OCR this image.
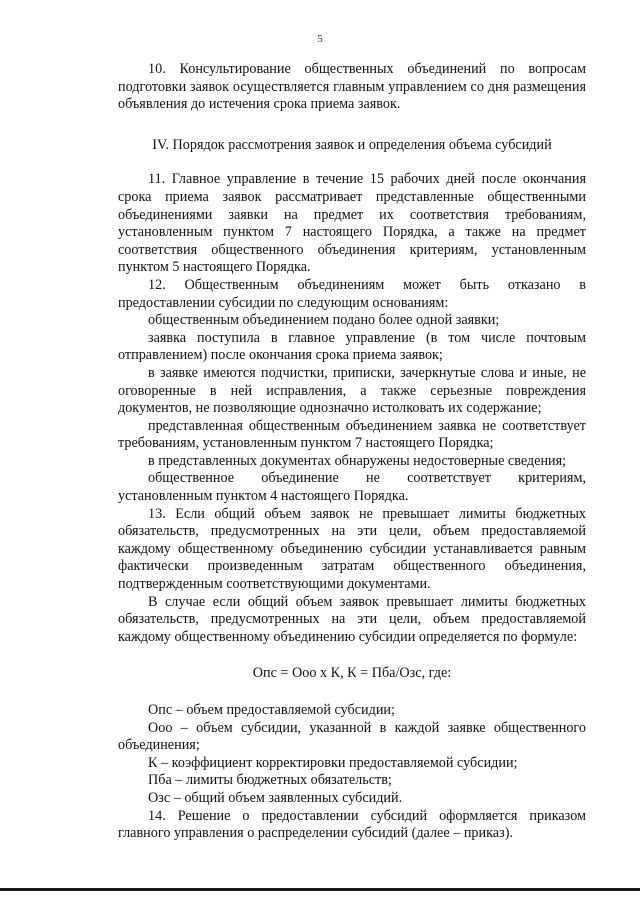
5

10. Консультирование общественных объединений по вопросам подготовки заявок осуществляется главным управлением со дня размещения объявления до истечения срока приема заявок.

IV. Порядок рассмотрения заявок и определения объема субсидий

11. Главное управление в течение 15 рабочих дней после окончания срока приема заявок рассматривает представленные общественными объединениями заявки на предмет их соответствия требованиям, установленным пунктом 7 настоящего Порядка, а также на предмет соответствия общественного объединения критериям, установленным пунктом 5 настоящего Порядка.

12. Общественным объединениям может быть отказано в предоставлении субсидии по следующим основаниям:

общественным объединением подано более одной заявки;

заявка поступила в главное управление (в том числе почтовым отправлением) после окончания срока приема заявок;

в заявке имеются подчистки, приписки, зачеркнутые слова и иные, не оговоренные в ней исправления, а также серьезные повреждения документов, не позволяющие однозначно истолковать их содержание;

представленная общественным объединением заявка не соответствует требованиям, установленным пунктом 7 настоящего Порядка;

в представленных документах обнаружены недостоверные сведения;

общественное объединение не соответствует критериям, установленным пунктом 4 настоящего Порядка.

13. Если общий объем заявок не превышает лимиты бюджетных обязательств, предусмотренных на эти цели, объем предоставляемой каждому общественному объединению субсидии устанавливается равным фактически произведенным затратам общественного объединения, подтвержденным соответствующими документами.

В случае если общий объем заявок превышает лимиты бюджетных обязательств, предусмотренных на эти цели, объем предоставляемой каждому общественному объединению субсидии определяется по формуле:

Опс = Ооо x К, К = Пба/Озс, где:

Опс – объем предоставляемой субсидии;

Ооо – объем субсидии, указанной в каждой заявке общественного объединения;

К – коэффициент корректировки предоставляемой субсидии;

Пба – лимиты бюджетных обязательств;

Озс – общий объем заявленных субсидий.

14. Решение о предоставлении субсидий оформляется приказом главного управления о распределении субсидий (далее – приказ).
